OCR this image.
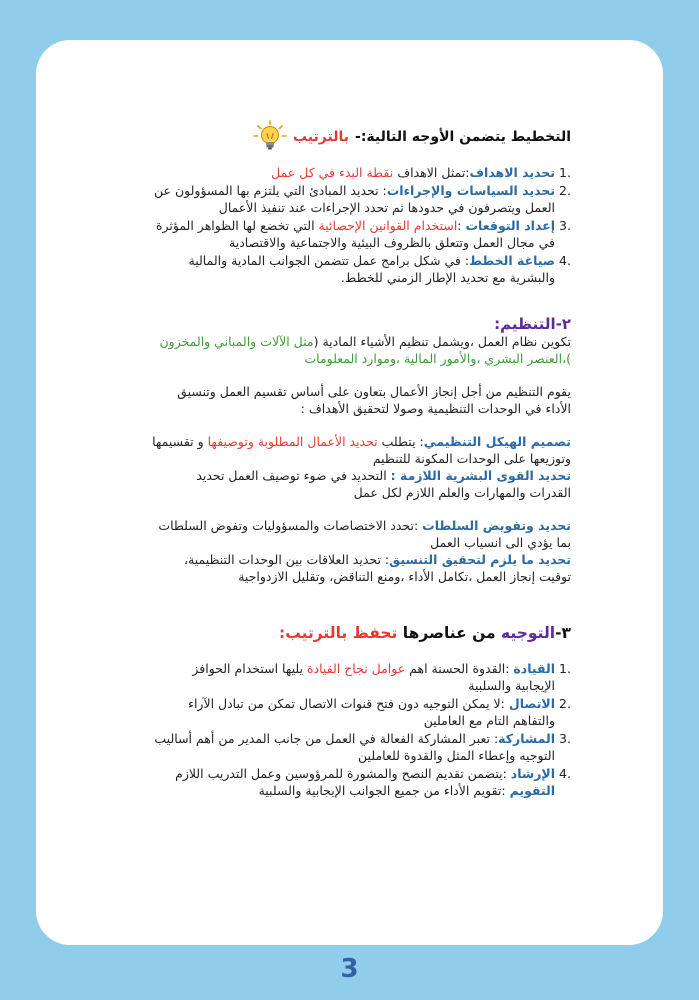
التخطيط يتضمن الأوجه التالية:-
بالترتيب
1.
تحديد الاهداف:تمثل الاهداف نقطة البدء في كل عمل
2.
تحديد السياسات والإجراءات: تحديد المبادئ التي يلتزم بها المسؤولون عن العمل ويتصرفون في حدودها ثم تحدد الإجراءات عند تنفيذ الأعمال
3.
إعداد التوقعات :استخدام القوانين الإحصائية التي تخضع لها الظواهر المؤثرة في مجال العمل وتتعلق بالظروف البيئية والاجتماعية والاقتصادية
4.
صياغة الخطط: في شكل برامج عمل تتضمن الجوانب المادية والمالية والبشرية مع تحديد الإطار الزمني للخطط.
٢-التنظيم:

تكوين نظام العمل ،ويشمل تنظيم الأشياء المادية (مثل الآلات والمباني والمخزون )،العنصر البشري ،والأمور المالية ،وموارد المعلومات

يقوم التنظيم من أجل إنجاز الأعمال بتعاون على أساس تقسيم العمل وتنسيق الأداء في الوحدات التنظيمية وصولا لتحقيق الأهداف :

تصميم الهيكل التنظيمي: يتطلب تحديد الأعمال المطلوبة وتوصيفها و تقسيمها وتوزيعها على الوحدات المكونة للتنظيم

تحديد القوى البشرية اللازمة : التحديد في ضوء توصيف العمل تحديد القدرات والمهارات والعلم اللازم لكل عمل

تحديد وتفويض السلطات :تحدد الاختصاصات والمسؤوليات وتفوض السلطات بما يؤدي الى انسياب العمل

تحديد ما يلزم لتحقيق التنسيق: تحديد العلاقات بين الوحدات التنظيمية، توقيت إنجاز العمل ،تكامل الأداء ،ومنع التناقض، وتقليل الازدواجية

٣-التوجيه من عناصرها تحفظ بالترتيب:
1.
القيادة :القدوة الحسنة اهم عوامل نجاح القيادة يليها استخدام الحوافز الإيجابية والسلبية
2.
الاتصال :لا يمكن التوجيه دون فتح قنوات الاتصال تمكن من تبادل الآراء والتفاهم التام مع العاملين
3.
المشاركة: تعبر المشاركة الفعالة في العمل من جانب المدير من أهم أساليب التوجيه وإعطاء المثل والقدوة للعاملين
4.
الإرشاد :يتضمن تقديم النصح والمشورة للمرؤوسين وعمل التدريب اللازم
التقويم :تقويم الأداء من جميع الجوانب الإيجابية والسلبية
3
